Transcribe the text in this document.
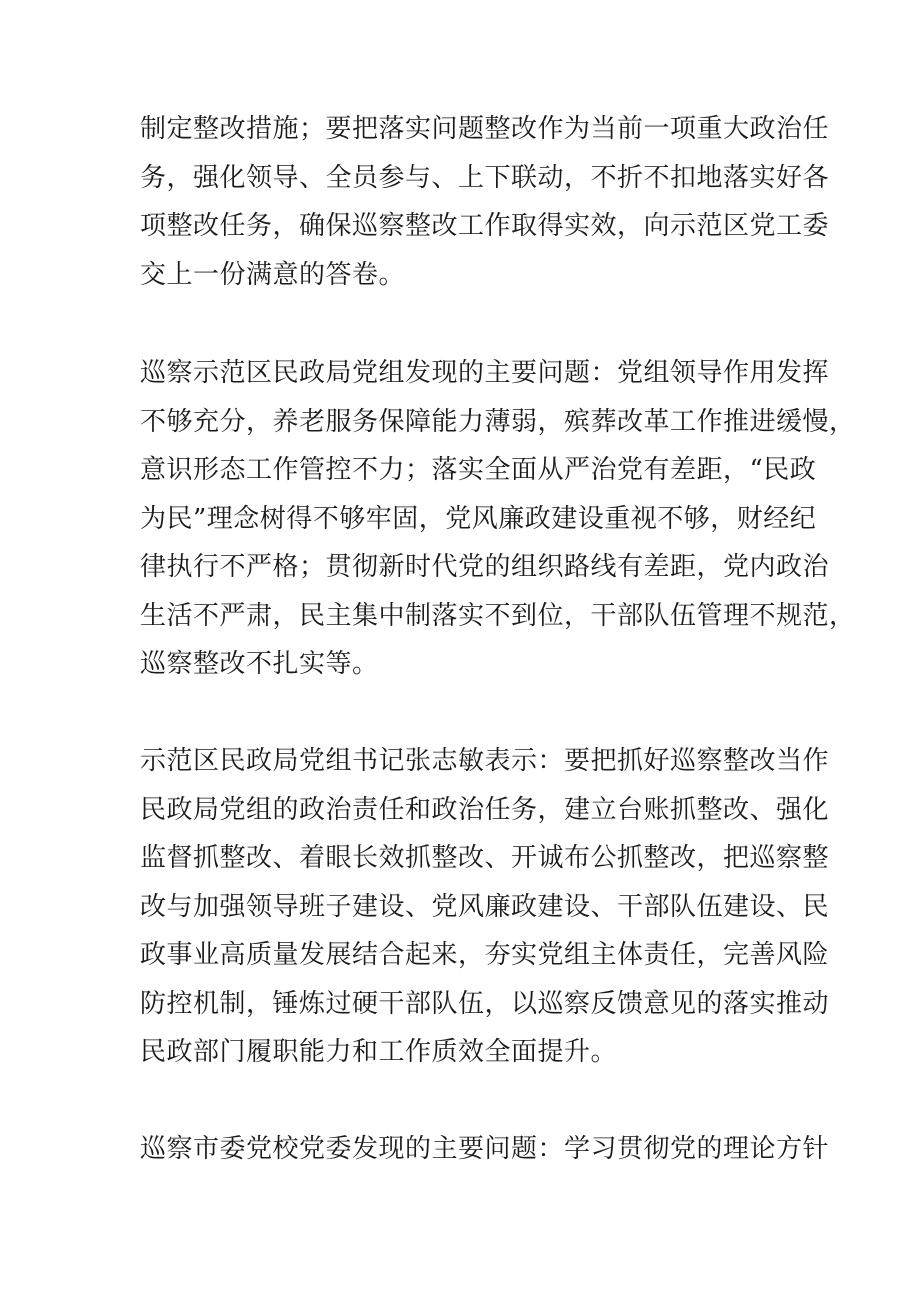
制定整改措施；要把落实问题整改作为当前一项重大政治任
务，强化领导、全员参与、上下联动，不折不扣地落实好各
项整改任务，确保巡察整改工作取得实效，向示范区党工委
交上一份满意的答卷。

巡察示范区民政局党组发现的主要问题：党组领导作用发挥
不够充分，养老服务保障能力薄弱，殡葬改革工作推进缓慢，
意识形态工作管控不力；落实全面从严治党有差距，“民政
为民”理念树得不够牢固，党风廉政建设重视不够，财经纪
律执行不严格；贯彻新时代党的组织路线有差距，党内政治
生活不严肃，民主集中制落实不到位，干部队伍管理不规范，
巡察整改不扎实等。

示范区民政局党组书记张志敏表示：要把抓好巡察整改当作
民政局党组的政治责任和政治任务，建立台账抓整改、强化
监督抓整改、着眼长效抓整改、开诚布公抓整改，把巡察整
改与加强领导班子建设、党风廉政建设、干部队伍建设、民
政事业高质量发展结合起来，夯实党组主体责任，完善风险
防控机制，锤炼过硬干部队伍，以巡察反馈意见的落实推动
民政部门履职能力和工作质效全面提升。

巡察市委党校党委发现的主要问题：学习贯彻党的理论方针
